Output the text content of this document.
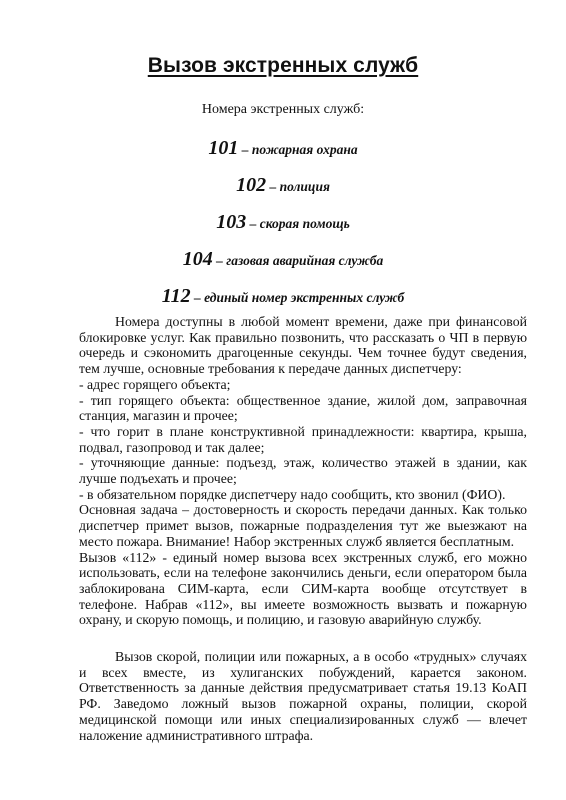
Вызов экстренных служб
Номера экстренных служб:
101 – пожарная охрана
102 – полиция
103 – скорая помощь
104 – газовая аварийная служба
112 – единый номер экстренных служб

Номера доступны в любой момент времени, даже при финансовой блокировке услуг. Как правильно позвонить, что рассказать о ЧП в первую очередь и сэкономить драгоценные секунды. Чем точнее будут сведения, тем лучше, основные требования к передаче данных диспетчеру:

- адрес горящего объекта;

- тип горящего объекта: общественное здание, жилой дом, заправочная станция, магазин и прочее;

- что горит в плане конструктивной принадлежности: квартира, крыша, подвал, газопровод и так далее;

- уточняющие данные: подъезд, этаж, количество этажей в здании, как лучше подъехать и прочее;

- в обязательном порядке диспетчеру надо сообщить, кто звонил (ФИО).

Основная задача – достоверность и скорость передачи данных. Как только диспетчер примет вызов, пожарные подразделения тут же выезжают на место пожара. Внимание! Набор экстренных служб является бесплатным.

Вызов «112» - единый номер вызова всех экстренных служб, его можно использовать, если на телефоне закончились деньги, если оператором была заблокирована СИМ-карта, если СИМ-карта вообще отсутствует в телефоне. Набрав «112», вы имеете возможность вызвать и пожарную охрану, и скорую помощь, и полицию, и газовую аварийную службу.

Вызов скорой, полиции или пожарных, а в особо «трудных» случаях и всех вместе, из хулиганских побуждений, карается законом. Ответственность за данные действия предусматривает статья 19.13 КоАП РФ. Заведомо ложный вызов пожарной охраны, полиции, скорой медицинской помощи или иных специализированных служб — влечет наложение административного штрафа.
